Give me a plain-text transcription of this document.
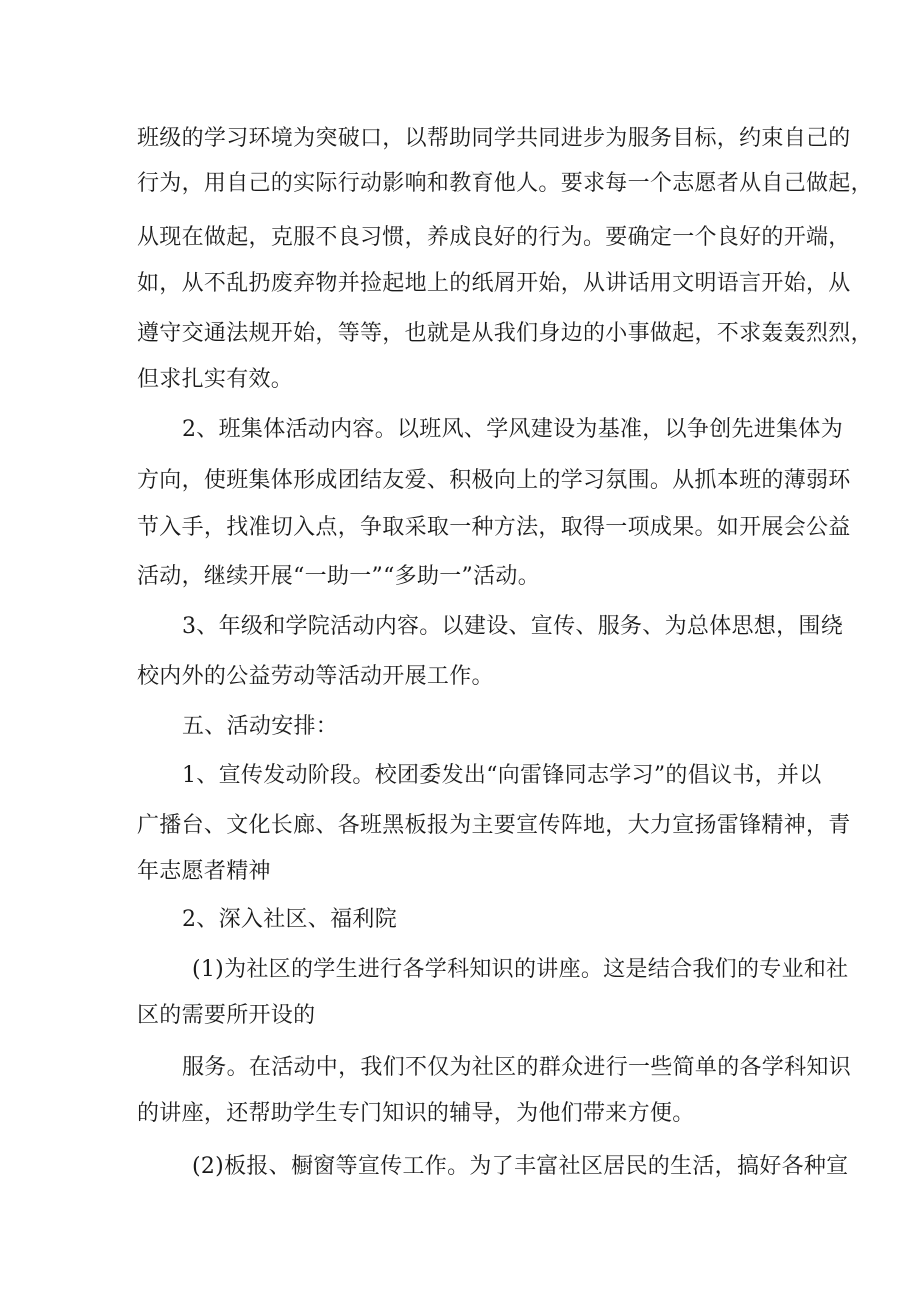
班级的学习环境为突破口，以帮助同学共同进步为服务目标，约束自己的
行为，用自己的实际行动影响和教育他人。要求每一个志愿者从自己做起，
从现在做起，克服不良习惯，养成良好的行为。要确定一个良好的开端，
如，从不乱扔废弃物并捡起地上的纸屑开始，从讲话用文明语言开始，从
遵守交通法规开始，等等，也就是从我们身边的小事做起，不求轰轰烈烈，
但求扎实有效。
2、班集体活动内容。以班风、学风建设为基准，以争创先进集体为
方向，使班集体形成团结友爱、积极向上的学习氛围。从抓本班的薄弱环
节入手，找准切入点，争取采取一种方法，取得一项成果。如开展会公益
活动，继续开展“一助一”“多助一”活动。
3、年级和学院活动内容。以建设、宣传、服务、为总体思想，围绕
校内外的公益劳动等活动开展工作。
五、活动安排：
1、宣传发动阶段。校团委发出“向雷锋同志学习”的倡议书，并以
广播台、文化长廊、各班黑板报为主要宣传阵地，大力宣扬雷锋精神，青
年志愿者精神
2、深入社区、福利院
(1)为社区的学生进行各学科知识的讲座。这是结合我们的专业和社
区的需要所开设的
服务。在活动中，我们不仅为社区的群众进行一些简单的各学科知识
的讲座，还帮助学生专门知识的辅导，为他们带来方便。
(2)板报、橱窗等宣传工作。为了丰富社区居民的生活，搞好各种宣
